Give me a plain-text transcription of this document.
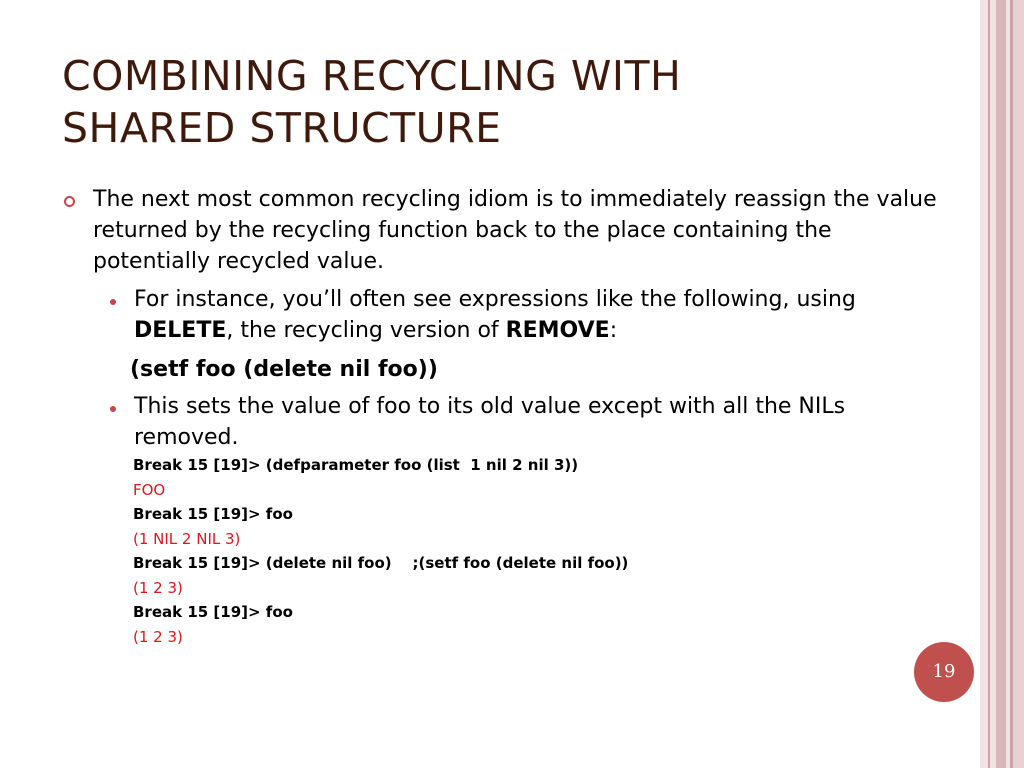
COMBINING RECYCLING WITH
SHARED STRUCTURE
The next most common recycling idiom is to immediately reassign the value returned by the recycling function back to the place containing the potentially recycled value.
For instance, you’ll often see expressions like the following, using DELETE, the recycling version of REMOVE:
(setf foo (delete nil foo))
This sets the value of foo to its old value except with all the NILs removed.
Break 15 [19]> (defparameter foo (list  1 nil 2 nil 3))
FOO
Break 15 [19]> foo
(1 NIL 2 NIL 3)
Break 15 [19]> (delete nil foo)    ;(setf foo (delete nil foo))
(1 2 3)
Break 15 [19]> foo
(1 2 3)
19
